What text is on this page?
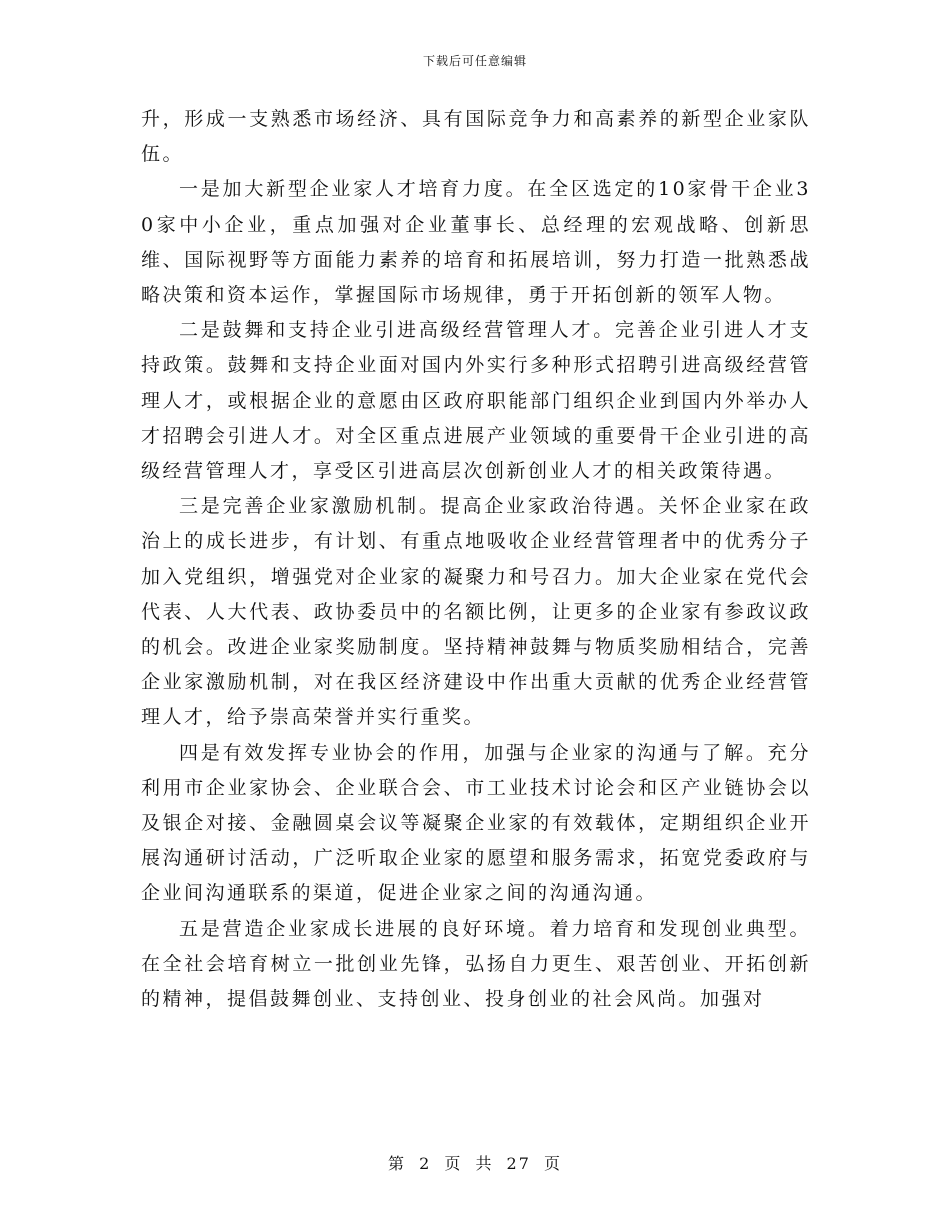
下载后可任意编辑

升，形成一支熟悉市场经济、具有国际竞争力和高素养的新型企业家队伍。

一是加大新型企业家人才培育力度。在全区选定的10家骨干企业30家中小企业，重点加强对企业董事长、总经理的宏观战略、创新思维、国际视野等方面能力素养的培育和拓展培训，努力打造一批熟悉战略决策和资本运作，掌握国际市场规律，勇于开拓创新的领军人物。

二是鼓舞和支持企业引进高级经营管理人才。完善企业引进人才支持政策。鼓舞和支持企业面对国内外实行多种形式招聘引进高级经营管理人才，或根据企业的意愿由区政府职能部门组织企业到国内外举办人才招聘会引进人才。对全区重点进展产业领域的重要骨干企业引进的高级经营管理人才，享受区引进高层次创新创业人才的相关政策待遇。

三是完善企业家激励机制。提高企业家政治待遇。关怀企业家在政治上的成长进步，有计划、有重点地吸收企业经营管理者中的优秀分子加入党组织，增强党对企业家的凝聚力和号召力。加大企业家在党代会代表、人大代表、政协委员中的名额比例，让更多的企业家有参政议政的机会。改进企业家奖励制度。坚持精神鼓舞与物质奖励相结合，完善企业家激励机制，对在我区经济建设中作出重大贡献的优秀企业经营管理人才，给予崇高荣誉并实行重奖。

四是有效发挥专业协会的作用，加强与企业家的沟通与了解。充分利用市企业家协会、企业联合会、市工业技术讨论会和区产业链协会以及银企对接、金融圆桌会议等凝聚企业家的有效载体，定期组织企业开展沟通研讨活动，广泛听取企业家的愿望和服务需求，拓宽党委政府与企业间沟通联系的渠道，促进企业家之间的沟通沟通。

五是营造企业家成长进展的良好环境。着力培育和发现创业典型。在全社会培育树立一批创业先锋，弘扬自力更生、艰苦创业、开拓创新的精神，提倡鼓舞创业、支持创业、投身创业的社会风尚。加强对

第 2 页 共 27 页
